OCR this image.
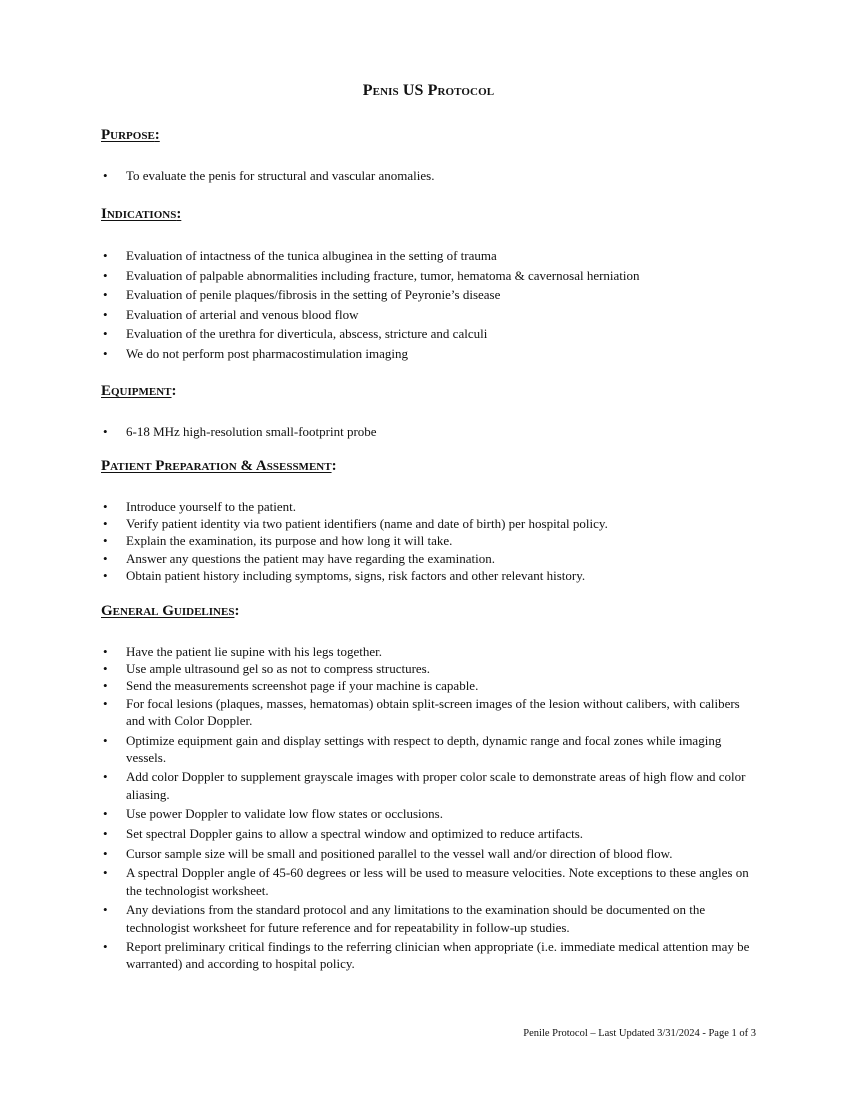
Penis US Protocol
Purpose:
• To evaluate the penis for structural and vascular anomalies.
Indications:
• Evaluation of intactness of the tunica albuginea in the setting of trauma
• Evaluation of palpable abnormalities including fracture, tumor, hematoma & cavernosal herniation
• Evaluation of penile plaques/fibrosis in the setting of Peyronie’s disease
• Evaluation of arterial and venous blood flow
• Evaluation of the urethra for diverticula, abscess, stricture and calculi
• We do not perform post pharmacostimulation imaging
Equipment:
• 6-18 MHz high-resolution small-footprint probe
Patient Preparation & Assessment:
• Introduce yourself to the patient.
• Verify patient identity via two patient identifiers (name and date of birth) per hospital policy.
• Explain the examination, its purpose and how long it will take.
• Answer any questions the patient may have regarding the examination.
• Obtain patient history including symptoms, signs, risk factors and other relevant history.
General Guidelines:
• Have the patient lie supine with his legs together.
• Use ample ultrasound gel so as not to compress structures.
• Send the measurements screenshot page if your machine is capable.
• For focal lesions (plaques, masses, hematomas) obtain split-screen images of the lesion without calibers, with calibers and with Color Doppler.
• Optimize equipment gain and display settings with respect to depth, dynamic range and focal zones while imaging vessels.
• Add color Doppler to supplement grayscale images with proper color scale to demonstrate areas of high flow and color aliasing.
• Use power Doppler to validate low flow states or occlusions.
• Set spectral Doppler gains to allow a spectral window and optimized to reduce artifacts.
• Cursor sample size will be small and positioned parallel to the vessel wall and/or direction of blood flow.
• A spectral Doppler angle of 45-60 degrees or less will be used to measure velocities. Note exceptions to these angles on the technologist worksheet.
• Any deviations from the standard protocol and any limitations to the examination should be documented on the technologist worksheet for future reference and for repeatability in follow-up studies.
• Report preliminary critical findings to the referring clinician when appropriate (i.e. immediate medical attention may be warranted) and according to hospital policy.
Penile Protocol – Last Updated 3/31/2024 - Page 1 of 3
